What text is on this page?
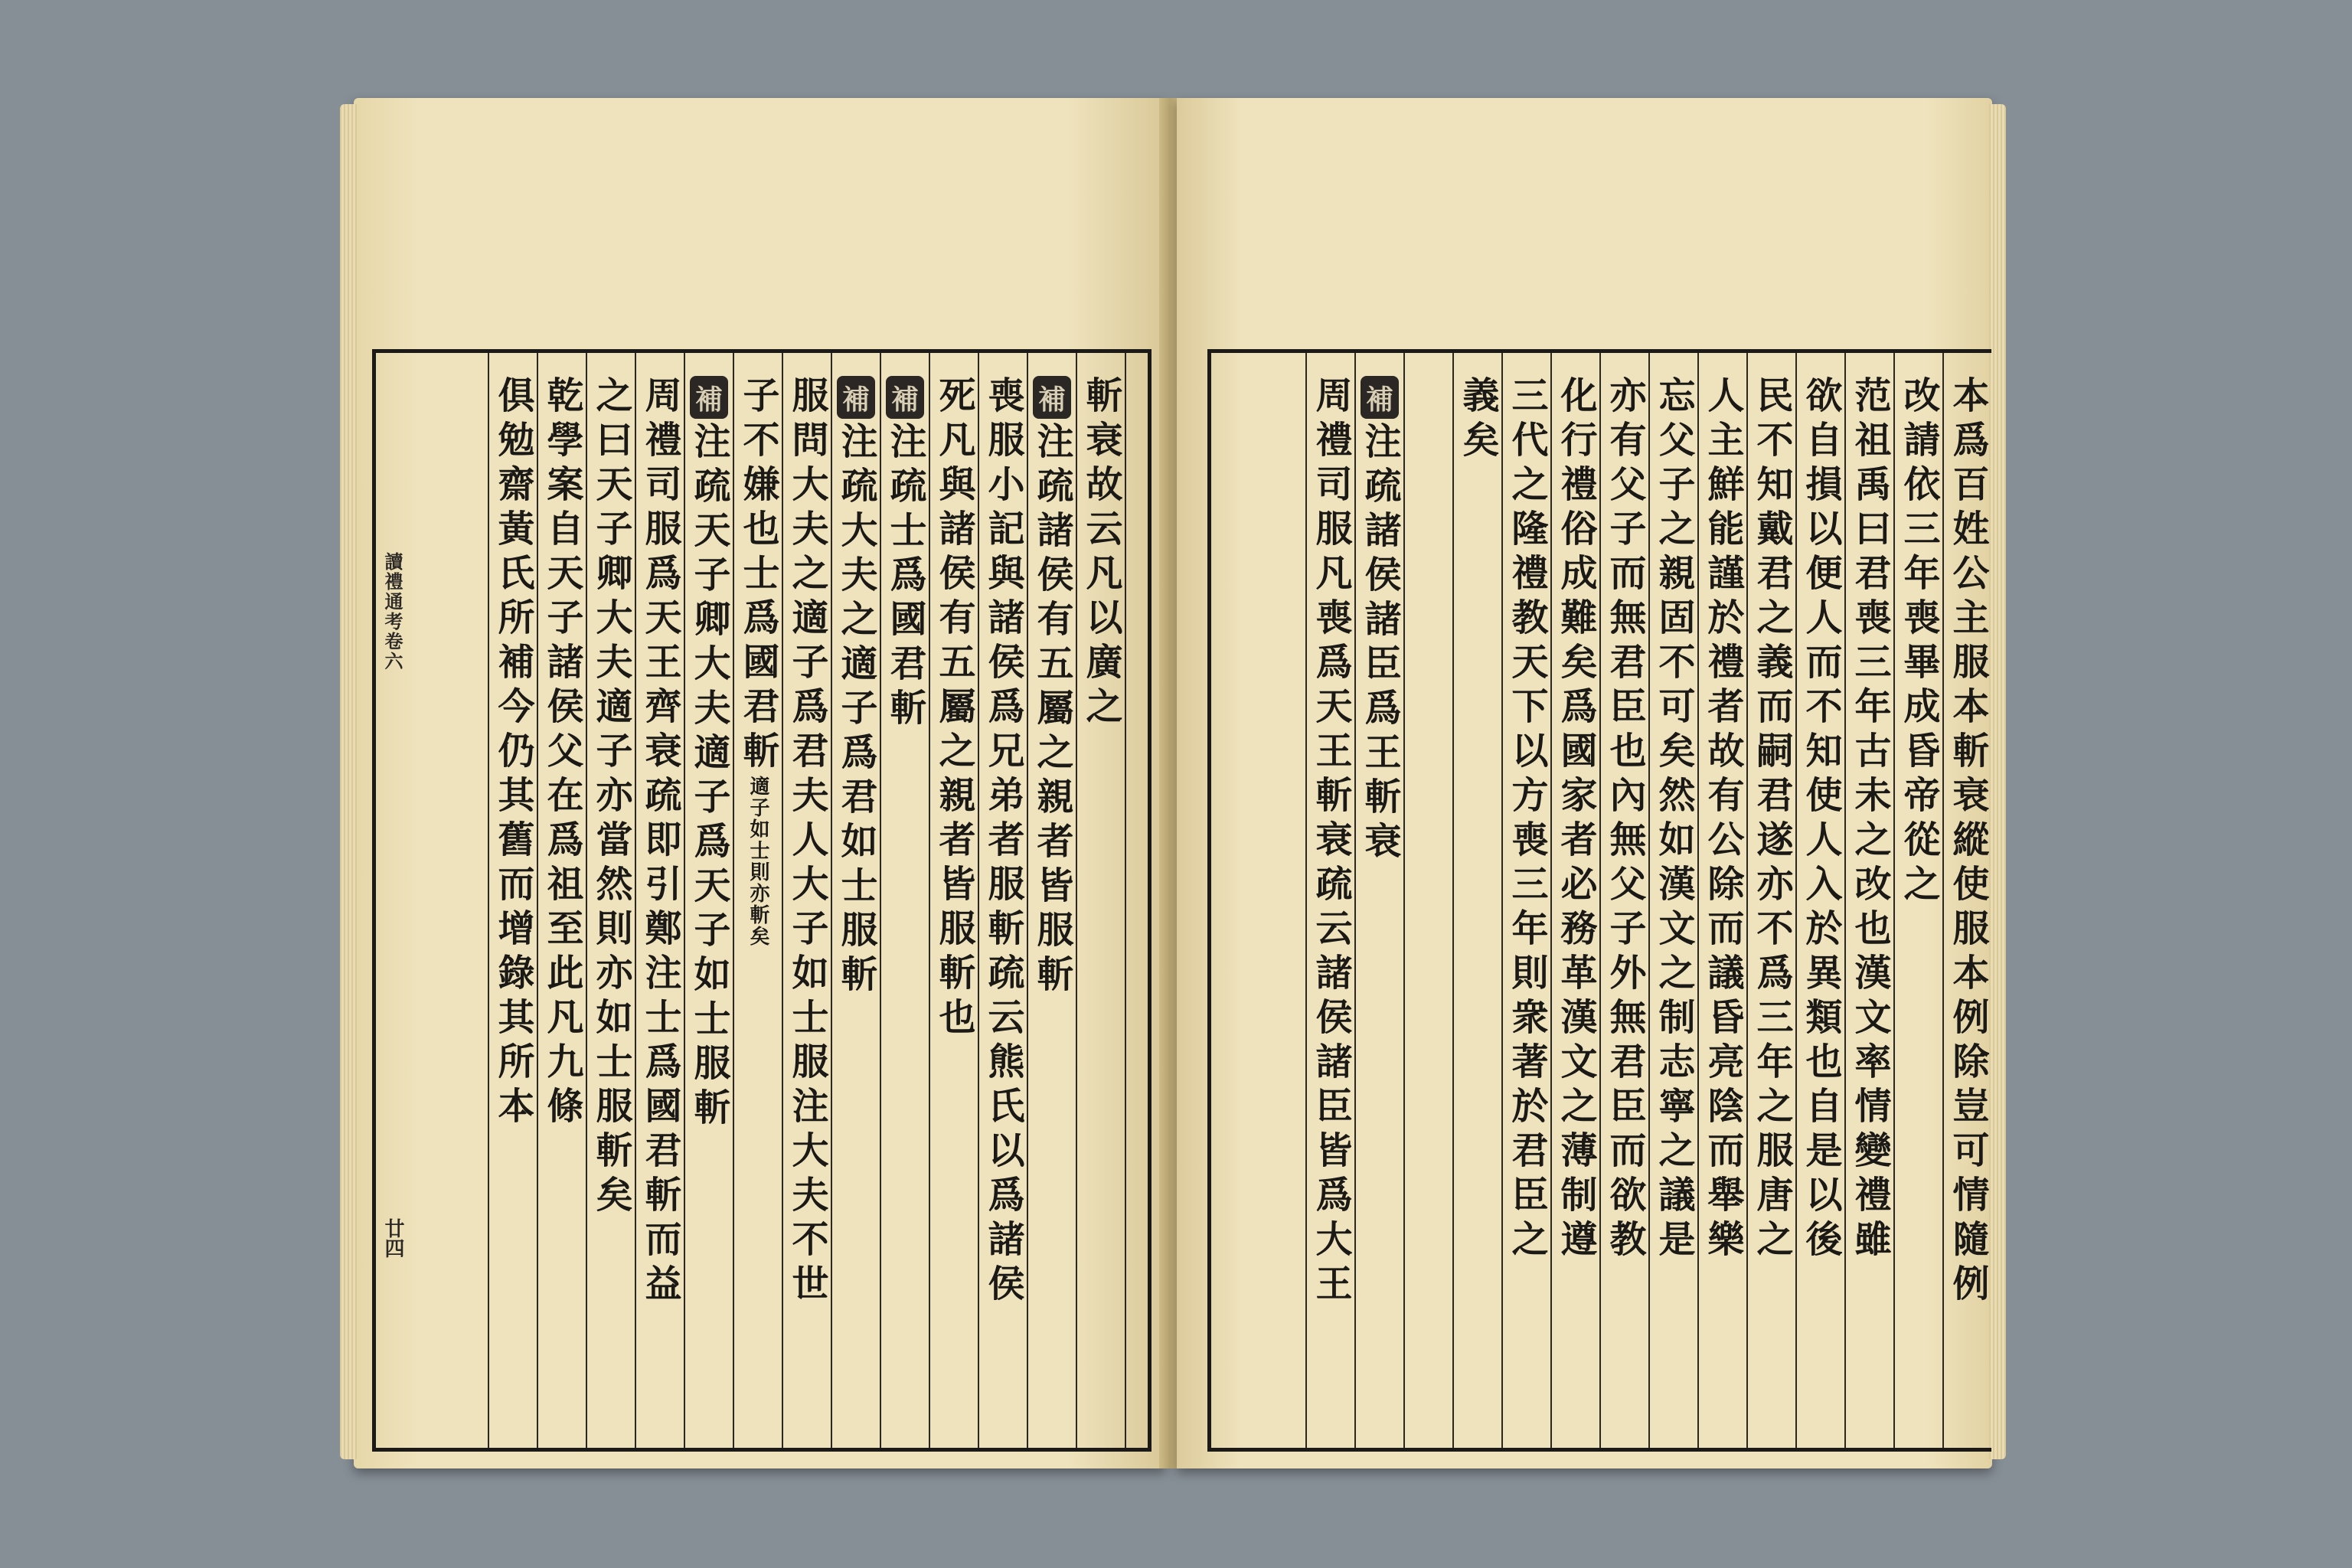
讀禮通考卷六
廿四
斬衰故云凡以廣之
補
注疏諸侯有五屬之親者皆服斬
喪服小記與諸侯爲兄弟者服斬疏云熊氏以爲諸侯
死凡與諸侯有五屬之親者皆服斬也
補
注疏士爲國君斬
補
注疏大夫之適子爲君如士服斬
服問大夫之適子爲君夫人大子如士服注大夫不世
子不嫌也士爲國君斬
適子如士則亦斬矣
補
注疏天子卿大夫適子爲天子如士服斬
周禮司服爲天王齊衰疏即引鄭注士爲國君斬而益
之曰天子卿大夫適子亦當然則亦如士服斬矣
乾學案自天子諸侯父在爲祖至此凡九條
俱勉齋黃氏所補今仍其舊而增錄其所本	本爲百姓公主服本斬衰縱使服本例除豈可情隨例
改請依三年喪畢成昏帝從之
范祖禹曰君喪三年古未之改也漢文率情變禮雖
欲自損以便人而不知使人入於異類也自是以後
民不知戴君之義而嗣君遂亦不爲三年之服唐之
人主鮮能謹於禮者故有公除而議昏亮陰而舉樂
忘父子之親固不可矣然如漢文之制志寧之議是
亦有父子而無君臣也內無父子外無君臣而欲教
化行禮俗成難矣爲國家者必務革漢文之薄制遵
三代之隆禮教天下以方喪三年則衆著於君臣之
義矣
補
注疏諸侯諸臣爲王斬衰
周禮司服凡喪爲天王斬衰疏云諸侯諸臣皆爲大王
